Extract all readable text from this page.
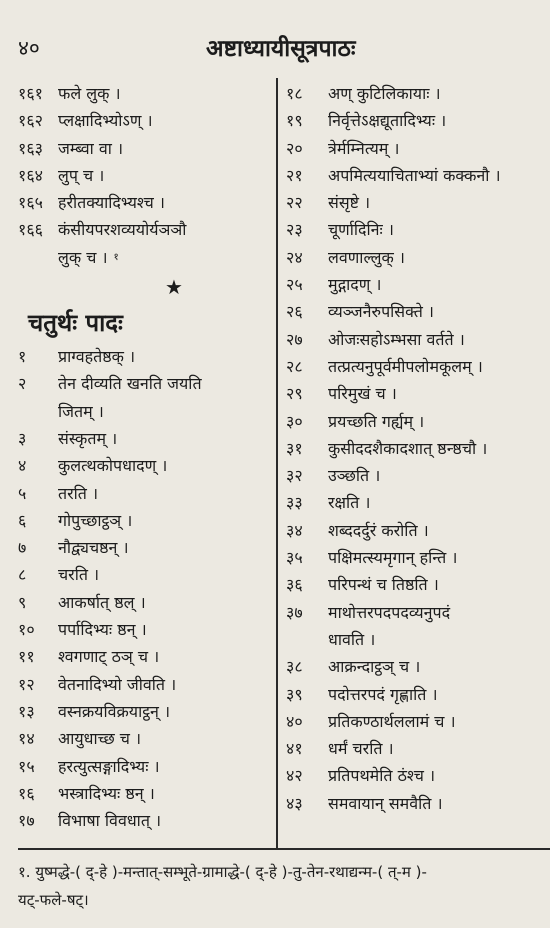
४०	अष्टाध्यायीसूत्रपाठः
१६१ फले लुक् ।
१६२ प्लक्षादिभ्योऽण् ।
१६३ जम्ब्वा वा ।
१६४ लुप् च ।
१६५ हरीतक्यादिभ्यश्च ।
१६६ कंसीयपरशव्ययोर्यञञौ
लुक् च । $^१$
★
चतुर्थः पादः
१	प्राग्वहतेष्ठक् ।
२	तेन दीव्यति खनति जयति
जितम् ।
३	संस्कृतम् ।
४	कुलत्थकोपधादण् ।
५	तरति ।
६	गोपुच्छाट्ठञ् ।
७	नौद्व्यचष्ठन् ।
८	चरति ।
९	आकर्षात् ष्ठल् ।
१०	पर्पादिभ्यः ष्ठन् ।
११	श्वगणाट् ठञ् च ।
१२	वेतनादिभ्यो जीवति ।
१३	वस्नक्रयविक्रयाट्ठन् ।
१४	आयुधाच्छ च ।
१५	हरत्युत्सङ्गादिभ्यः ।
१६	भस्त्रादिभ्यः ष्ठन् ।
१७	विभाषा विवधात् ।
१८	अण् कुटिलिकायाः ।
१९	निर्वृत्तेऽक्षद्यूतादिभ्यः ।
२०	त्रेर्मम्नित्यम् ।
२१	अपमित्ययाचिताभ्यां कक्कनौ ।
२२	संसृष्टे ।
२३	चूर्णादिनिः ।
२४	लवणाल्लुक् ।
२५	मुद्गादण् ।
२६	व्यञ्जनैरुपसिक्ते ।
२७	ओजःसहोऽम्भसा वर्तते ।
२८	तत्प्रत्यनुपूर्वमीपलोमकूलम् ।
२९	परिमुखं च ।
३०	प्रयच्छति गर्ह्यम् ।
३१	कुसीददशैकादशात् ष्ठन्ष्ठचौ ।
३२	उञ्छति ।
३३	रक्षति ।
३४	शब्ददर्दुरं करोति ।
३५	पक्षिमत्स्यमृगान् हन्ति ।
३६	परिपन्थं च तिष्ठति ।
३७	माथोत्तरपदपदव्यनुपदं
धावति ।
३८	आक्रन्दाट्ठञ् च ।
३९	पदोत्तरपदं गृह्णाति ।
४०	प्रतिकण्ठार्थललामं च ।
४१	धर्मं चरति ।
४२	प्रतिपथमेति ठंश्च ।
४३	समवायान् समवैति ।
१. युष्मद्धे-( द्-हे )-मन्तात्-सम्भूते-ग्रामाद्धे-( द्-हे )-तु-तेन-रथाद्यन्म-( त्-म )-
यट्-फले-षट्।
